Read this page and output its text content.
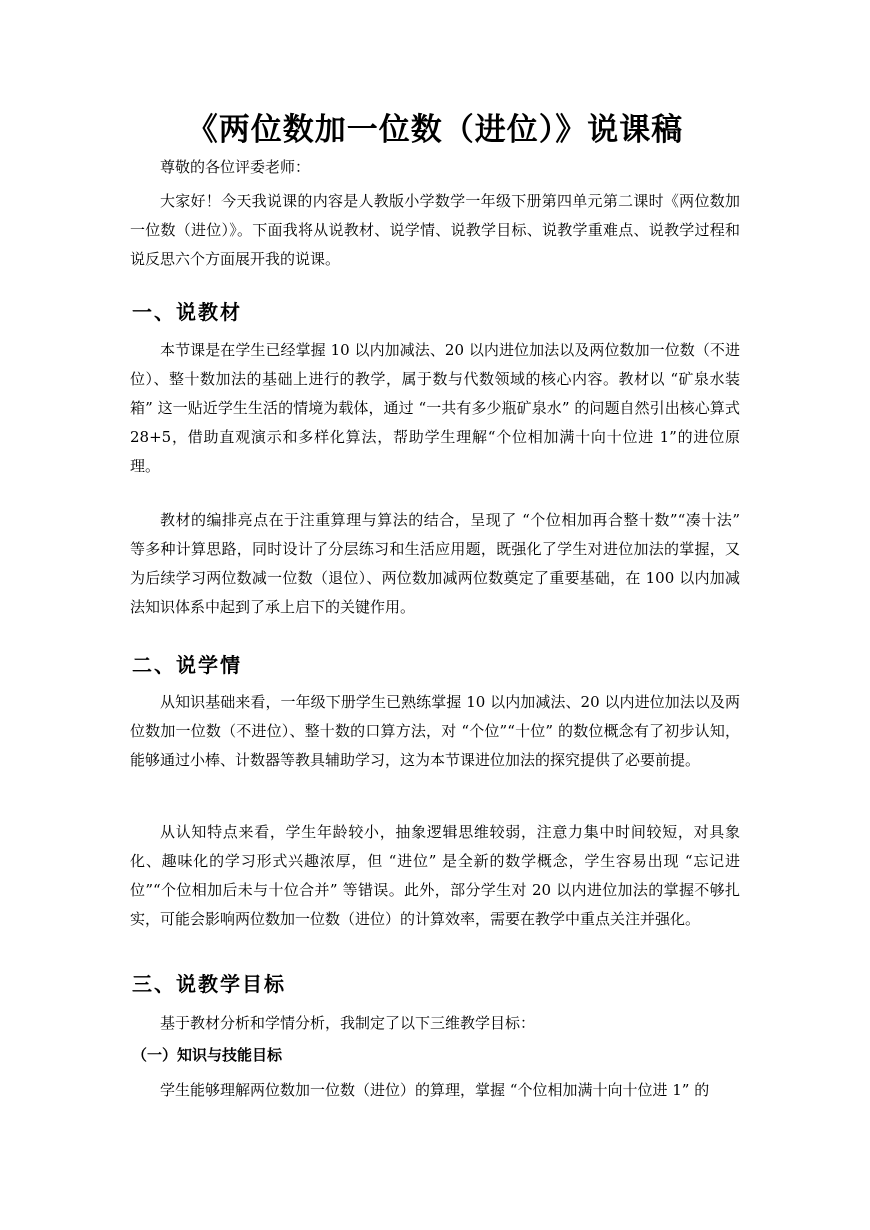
《两位数加一位数（进位）》说课稿
尊敬的各位评委老师：
大家好！今天我说课的内容是人教版小学数学一年级下册第四单元第二课时《两位数加一位数（进位）》。下面我将从说教材、说学情、说教学目标、说教学重难点、说教学过程和说反思六个方面展开我的说课。
一、说教材
本节课是在学生已经掌握 10 以内加减法、20 以内进位加法以及两位数加一位数（不进位）、整十数加法的基础上进行的教学，属于数与代数领域的核心内容。教材以 “矿泉水装箱” 这一贴近学生生活的情境为载体，通过 “一共有多少瓶矿泉水” 的问题自然引出核心算式 28+5，借助直观演示和多样化算法，帮助学生理解“个位相加满十向十位进 1”的进位原理。
教材的编排亮点在于注重算理与算法的结合，呈现了 “个位相加再合整十数”“凑十法” 等多种计算思路，同时设计了分层练习和生活应用题，既强化了学生对进位加法的掌握，又为后续学习两位数减一位数（退位）、两位数加减两位数奠定了重要基础，在 100 以内加减法知识体系中起到了承上启下的关键作用。
二、说学情
从知识基础来看，一年级下册学生已熟练掌握 10 以内加减法、20 以内进位加法以及两位数加一位数（不进位）、整十数的口算方法，对 “个位”“十位” 的数位概念有了初步认知，能够通过小棒、计数器等教具辅助学习，这为本节课进位加法的探究提供了必要前提。
从认知特点来看，学生年龄较小，抽象逻辑思维较弱，注意力集中时间较短，对具象化、趣味化的学习形式兴趣浓厚，但 “进位” 是全新的数学概念，学生容易出现 “忘记进位”“个位相加后未与十位合并” 等错误。此外，部分学生对 20 以内进位加法的掌握不够扎实，可能会影响两位数加一位数（进位）的计算效率，需要在教学中重点关注并强化。
三、说教学目标
基于教材分析和学情分析，我制定了以下三维教学目标：
（一）知识与技能目标
学生能够理解两位数加一位数（进位）的算理，掌握 “个位相加满十向十位进 1” 的
